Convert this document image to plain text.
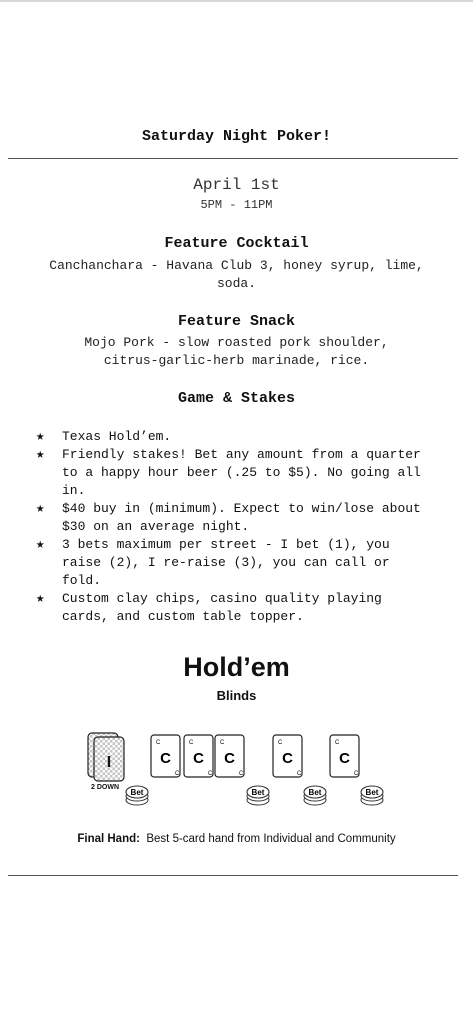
Saturday Night Poker!
April 1st
5PM - 11PM
Feature Cocktail
Canchanchara - Havana Club 3, honey syrup, lime,
soda.
Feature Snack
Mojo Pork - slow roasted pork shoulder,
citrus-garlic-herb marinade, rice.
Game & Stakes
★ Texas Hold’em.
★ Friendly stakes! Bet any amount from a quarter
to a happy hour beer (.25 to $5). No going all
in.
★ $40 buy in (minimum). Expect to win/lose about
$30 on an average night.
★ 3 bets maximum per street - I bet (1), you
raise (2), I re-raise (3), you can call or
fold.
★ Custom clay chips, casino quality playing
cards, and custom table topper.
Hold’em
Blinds
I
2 DOWN
C
C
C
C
C
C
C
C
C
C
C
C
C
C
C
Bet	Bet	Bet	Bet
Final Hand: Best 5-card hand from Individual and Community
